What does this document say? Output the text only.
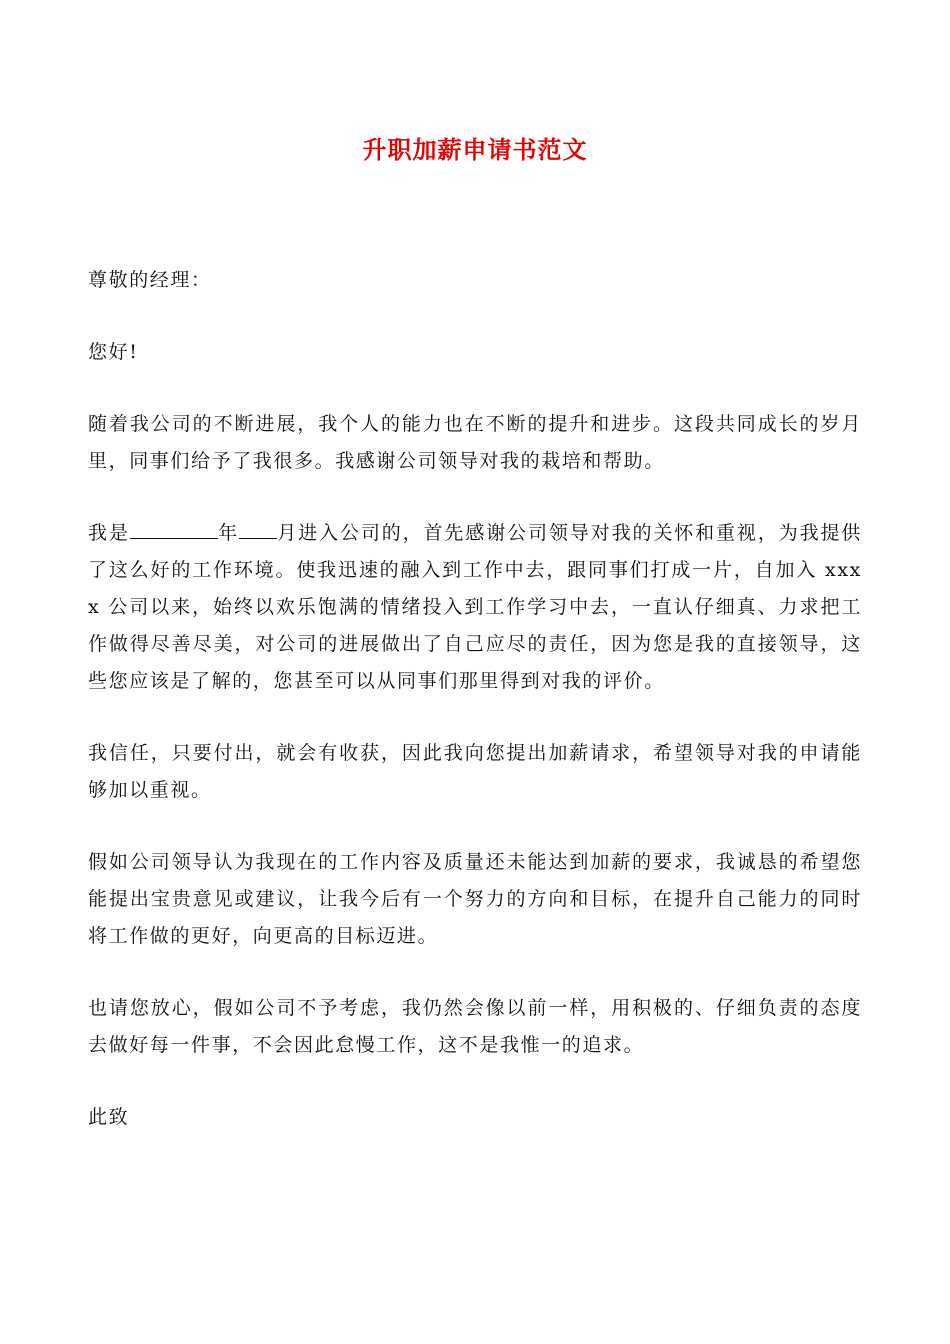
升职加薪申请书范文

尊敬的经理：

您好!

随着我公司的不断进展，我个人的能力也在不断的提升和进步。这段共同成长的岁月里，同事们给予了我很多。我感谢公司领导对我的栽培和帮助。

我是	年 月进入公司的，首先感谢公司领导对我的关怀和重视，为我提供了这么好的工作环境。使我迅速的融入到工作中去，跟同事们打成一片，自加入 xxxx 公司以来，始终以欢乐饱满的情绪投入到工作学习中去，一直认仔细真、力求把工作做得尽善尽美，对公司的进展做出了自己应尽的责任，因为您是我的直接领导，这些您应该是了解的，您甚至可以从同事们那里得到对我的评价。

我信任，只要付出，就会有收获，因此我向您提出加薪请求，希望领导对我的申请能够加以重视。

假如公司领导认为我现在的工作内容及质量还未能达到加薪的要求，我诚恳的希望您能提出宝贵意见或建议，让我今后有一个努力的方向和目标，在提升自己能力的同时将工作做的更好，向更高的目标迈进。

也请您放心，假如公司不予考虑，我仍然会像以前一样，用积极的、仔细负责的态度去做好每一件事，不会因此怠慢工作，这不是我惟一的追求。

此致
